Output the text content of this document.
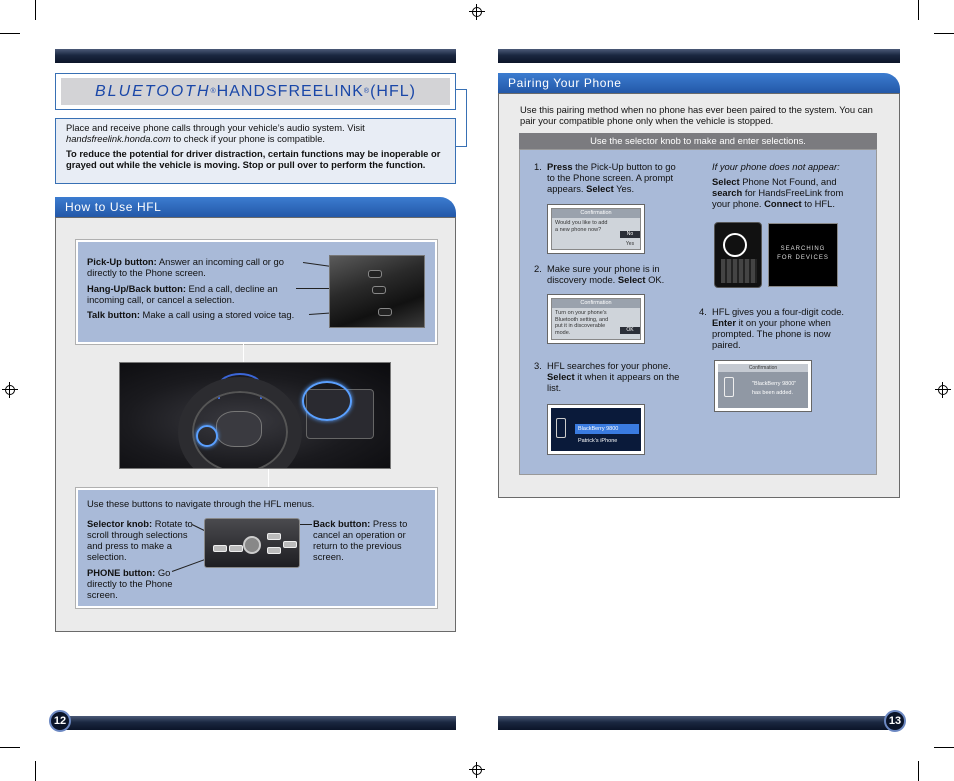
BLUETOOTH ® HANDSFREELINK ® (HFL)

Place and receive phone calls through your vehicle’s audio system. Visit handsfreelink.honda.com to check if your phone is compatible.

To reduce the potential for driver distraction, certain functions may be inoperable or grayed out while the vehicle is moving. Stop or pull over to perform the function.

How to Use HFL
Pick-Up button: Answer an incoming call or go directly to the Phone screen.
Hang-Up/Back button: End a call, decline an incoming call, or cancel a selection.
Talk button: Make a call using a stored voice tag.
Use these buttons to navigate through the HFL menus.
Selector knob: Rotate to scroll through selections and press to make a selection.
PHONE button: Go directly to the Phone screen.
Back button: Press to cancel an operation or return to the previous screen.
12
Pairing Your Phone
Use this pairing method when no phone has ever been paired to the system. You can pair your compatible phone only when the vehicle is stopped.
Use the selector knob to make and enter selections.
1. Press the Pick-Up button to go to the Phone screen. A prompt appears. Select Yes.
Confirmation
Would you like to add a new phone now?
No
Yes
2. Make sure your phone is in discovery mode. Select OK.
Confirmation
Turn on your phone's Bluetooth setting, and put it in discoverable mode.	OK
3. HFL searches for your phone. Select it when it appears on the list.
BlackBerry 9800
Patrick’s iPhone
If your phone does not appear:
Select Phone Not Found, and search for HandsFreeLink from your phone. Connect to HFL.
SEARCHING
FOR DEVICES
4. HFL gives you a four-digit code. Enter it on your phone when prompted. The phone is now paired.
Confirmation
"BlackBerry 9800"
has been added.
13
